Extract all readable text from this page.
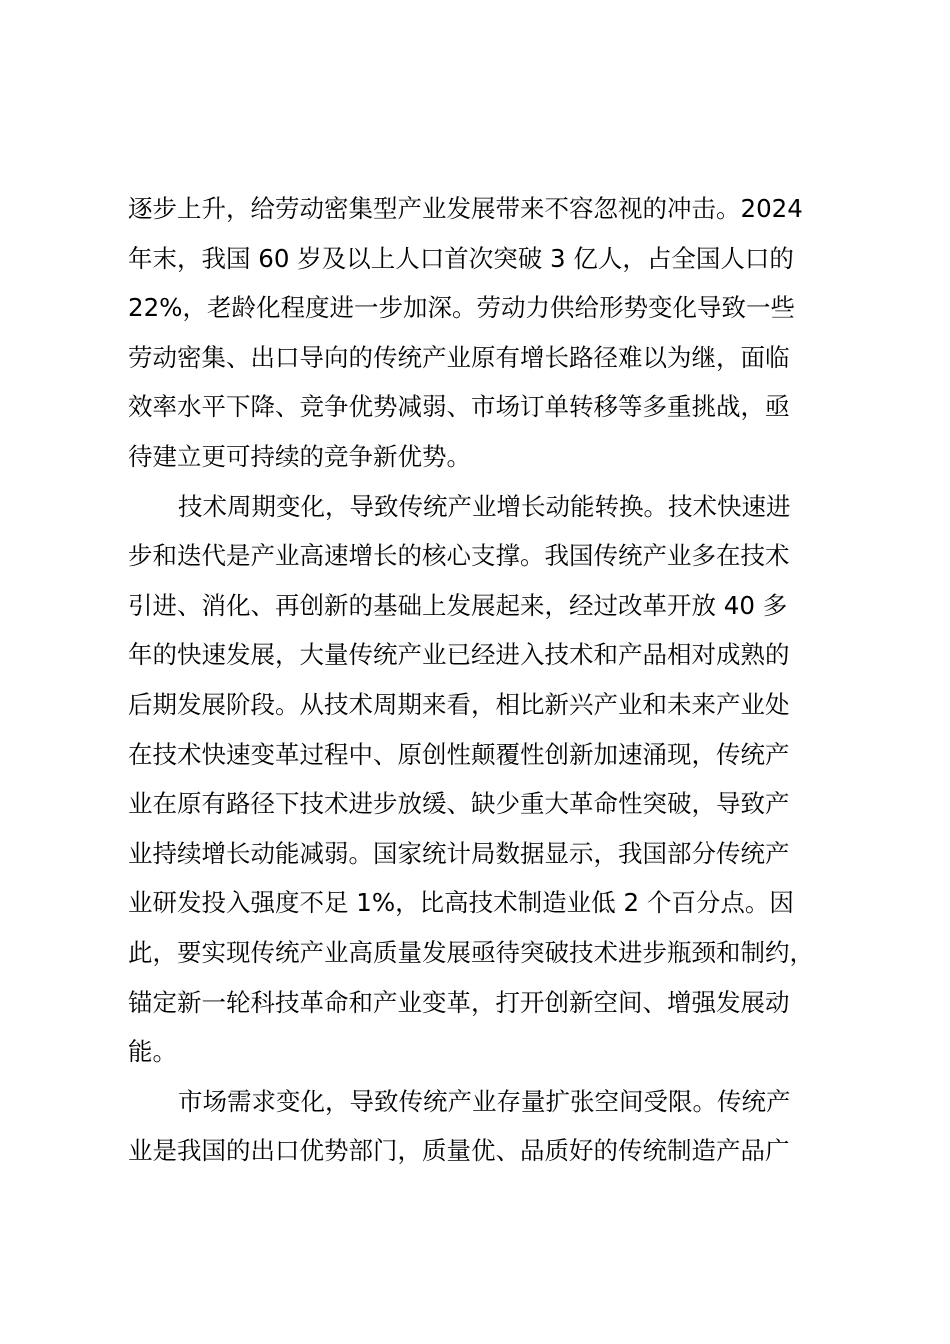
逐步上升，给劳动密集型产业发展带来不容忽视的冲击。2024
年末，我国 60 岁及以上人口首次突破 3 亿人，占全国人口的
22%，老龄化程度进一步加深。劳动力供给形势变化导致一些
劳动密集、出口导向的传统产业原有增长路径难以为继，面临
效率水平下降、竞争优势减弱、市场订单转移等多重挑战，亟
待建立更可持续的竞争新优势。

技术周期变化，导致传统产业增长动能转换。技术快速进
步和迭代是产业高速增长的核心支撑。我国传统产业多在技术
引进、消化、再创新的基础上发展起来，经过改革开放 40 多
年的快速发展，大量传统产业已经进入技术和产品相对成熟的
后期发展阶段。从技术周期来看，相比新兴产业和未来产业处
在技术快速变革过程中、原创性颠覆性创新加速涌现，传统产
业在原有路径下技术进步放缓、缺少重大革命性突破，导致产
业持续增长动能减弱。国家统计局数据显示，我国部分传统产
业研发投入强度不足 1%，比高技术制造业低 2 个百分点。因
此，要实现传统产业高质量发展亟待突破技术进步瓶颈和制约，
锚定新一轮科技革命和产业变革，打开创新空间、增强发展动
能。

市场需求变化，导致传统产业存量扩张空间受限。传统产
业是我国的出口优势部门，质量优、品质好的传统制造产品广
